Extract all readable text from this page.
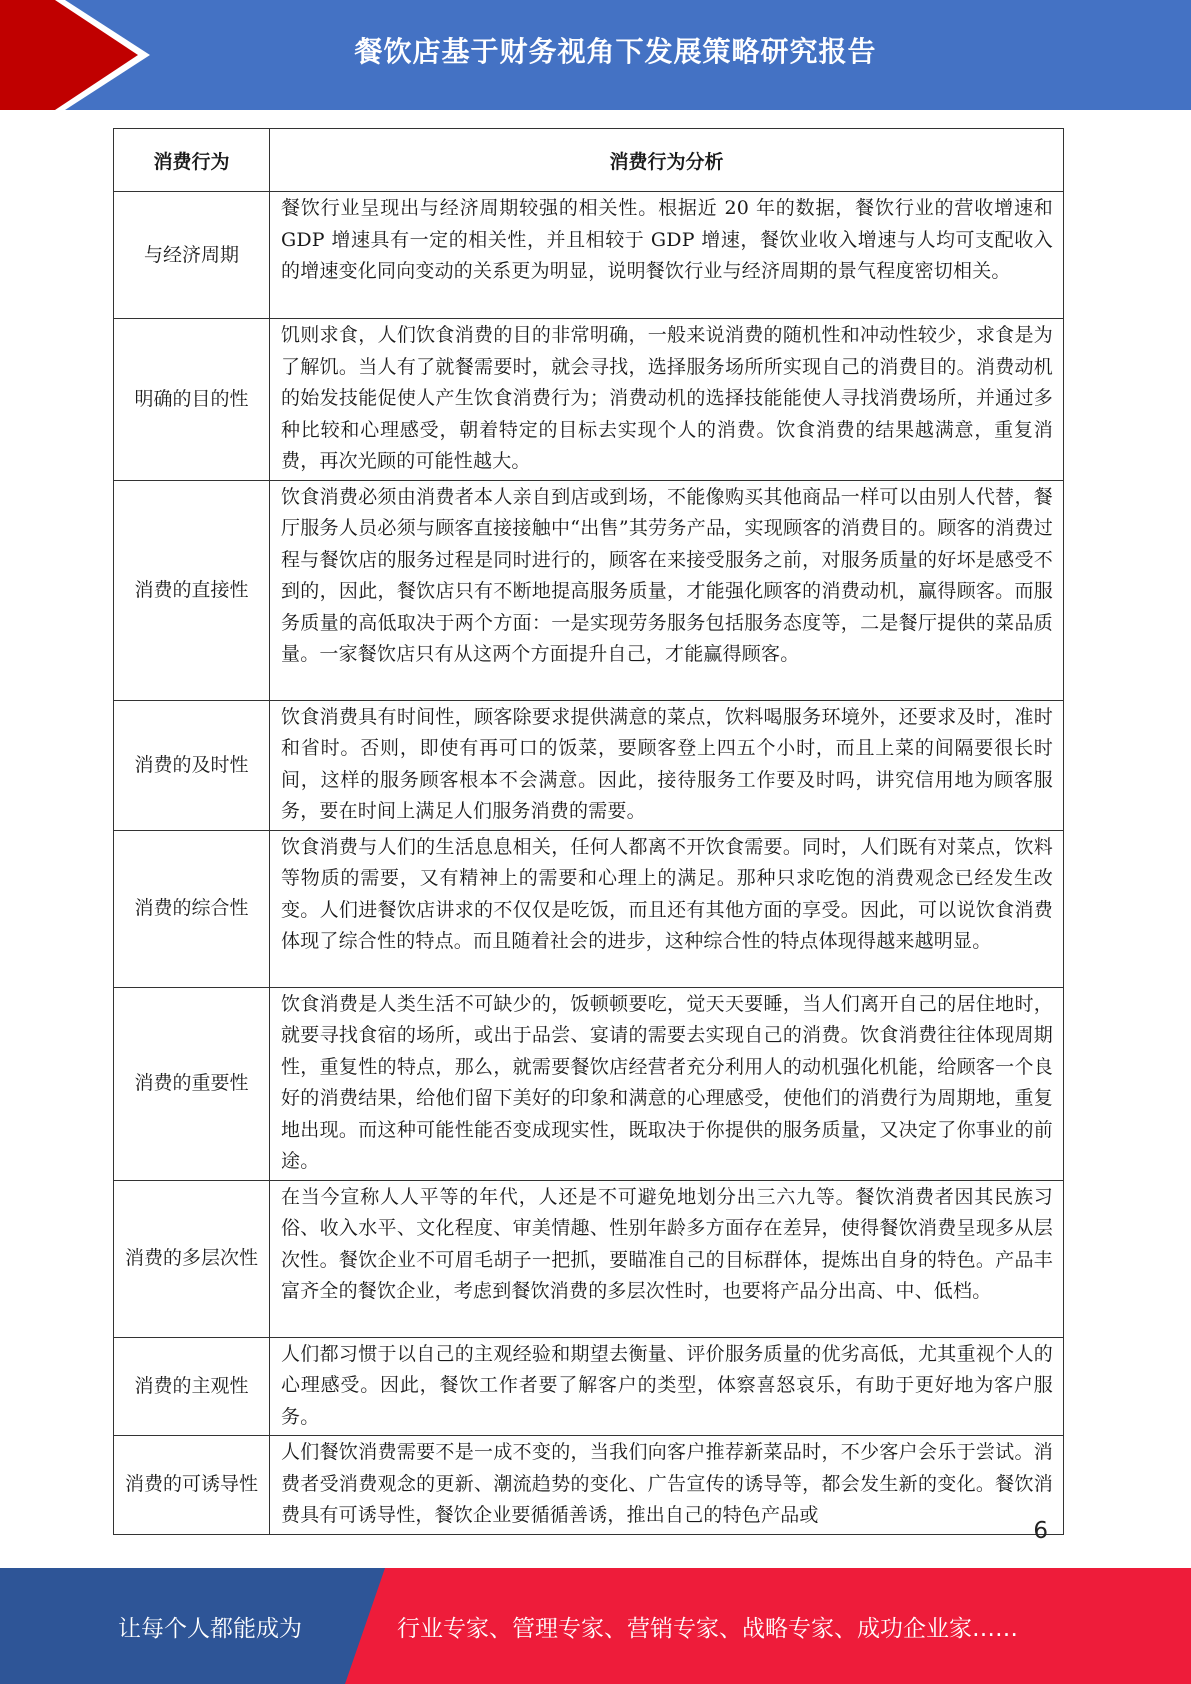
餐饮店基于财务视角下发展策略研究报告
消费行为	消费行为分析
与经济周期	餐饮行业呈现出与经济周期较强的相关性。根据近 20 年的数据，餐饮行业的营收增速和 GDP 增速具有一定的相关性，并且相较于 GDP 增速，餐饮业收入增速与人均可支配收入的增速变化同向变动的关系更为明显，说明餐饮行业与经济周期的景气程度密切相关。
明确的目的性	饥则求食，人们饮食消费的目的非常明确，一般来说消费的随机性和冲动性较少，求食是为了解饥。当人有了就餐需要时，就会寻找，选择服务场所所实现自己的消费目的。消费动机的始发技能促使人产生饮食消费行为；消费动机的选择技能能使人寻找消费场所，并通过多种比较和心理感受，朝着特定的目标去实现个人的消费。饮食消费的结果越满意，重复消费，再次光顾的可能性越大。
消费的直接性	饮食消费必须由消费者本人亲自到店或到场，不能像购买其他商品一样可以由别人代替，餐厅服务人员必须与顾客直接接触中“出售”其劳务产品，实现顾客的消费目的。顾客的消费过程与餐饮店的服务过程是同时进行的，顾客在来接受服务之前，对服务质量的好坏是感受不到的，因此，餐饮店只有不断地提高服务质量，才能强化顾客的消费动机，赢得顾客。而服务质量的高低取决于两个方面：一是实现劳务服务包括服务态度等，二是餐厅提供的菜品质量。一家餐饮店只有从这两个方面提升自己，才能赢得顾客。
消费的及时性	饮食消费具有时间性，顾客除要求提供满意的菜点，饮料喝服务环境外，还要求及时，准时和省时。否则，即使有再可口的饭菜，要顾客登上四五个小时，而且上菜的间隔要很长时间，这样的服务顾客根本不会满意。因此，接待服务工作要及时吗，讲究信用地为顾客服务，要在时间上满足人们服务消费的需要。
消费的综合性	饮食消费与人们的生活息息相关，任何人都离不开饮食需要。同时，人们既有对菜点，饮料等物质的需要，又有精神上的需要和心理上的满足。那种只求吃饱的消费观念已经发生改变。人们进餐饮店讲求的不仅仅是吃饭，而且还有其他方面的享受。因此，可以说饮食消费体现了综合性的特点。而且随着社会的进步，这种综合性的特点体现得越来越明显。
消费的重要性	饮食消费是人类生活不可缺少的，饭顿顿要吃，觉天天要睡，当人们离开自己的居住地时，就要寻找食宿的场所，或出于品尝、宴请的需要去实现自己的消费。饮食消费往往体现周期性，重复性的特点，那么，就需要餐饮店经营者充分利用人的动机强化机能，给顾客一个良好的消费结果，给他们留下美好的印象和满意的心理感受，使他们的消费行为周期地，重复地出现。而这种可能性能否变成现实性，既取决于你提供的服务质量，又决定了你事业的前途。
消费的多层次性	在当今宣称人人平等的年代，人还是不可避免地划分出三六九等。餐饮消费者因其民族习俗、收入水平、文化程度、审美情趣、性别年龄多方面存在差异，使得餐饮消费呈现多从层次性。餐饮企业不可眉毛胡子一把抓，要瞄准自己的目标群体，提炼出自身的特色。产品丰富齐全的餐饮企业，考虑到餐饮消费的多层次性时，也要将产品分出高、中、低档。
消费的主观性	人们都习惯于以自己的主观经验和期望去衡量、评价服务质量的优劣高低，尤其重视个人的心理感受。因此，餐饮工作者要了解客户的类型，体察喜怒哀乐，有助于更好地为客户服务。
消费的可诱导性	人们餐饮消费需要不是一成不变的，当我们向客户推荐新菜品时，不少客户会乐于尝试。消费者受消费观念的更新、潮流趋势的变化、广告宣传的诱导等，都会发生新的变化。餐饮消费具有可诱导性，餐饮企业要循循善诱，推出自己的特色产品或
6
让每个人都能成为	行业专家、管理专家、营销专家、战略专家、成功企业家……
